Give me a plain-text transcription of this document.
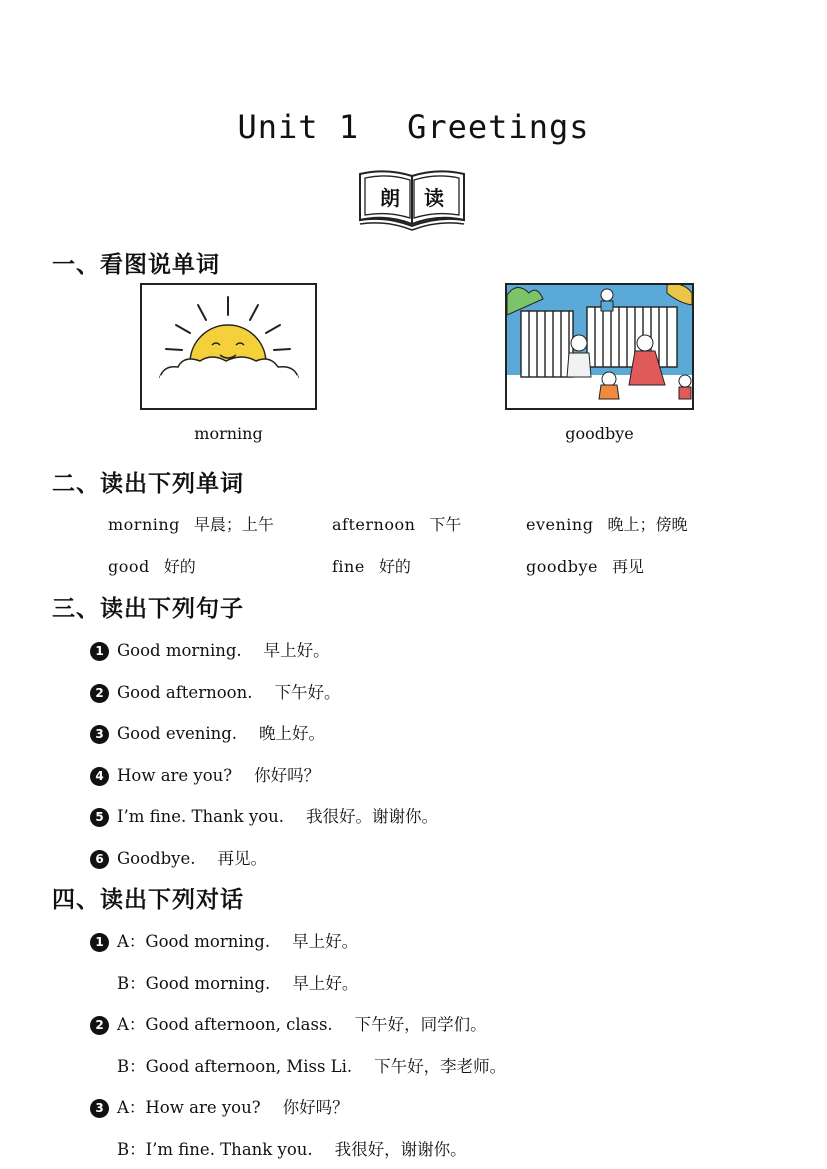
Unit 1 Greetings
朗 读
一、看图说单词
morning	goodbye
二、读出下列单词
morning 早晨；上午	afternoon 下午	evening 晚上；傍晚
good 好的	fine 好的	goodbye 再见
三、读出下列句子
1 Good morning. 早上好。
2 Good afternoon. 下午好。
3 Good evening. 晚上好。
4 How are you? 你好吗？
5 I’m fine. Thank you. 我很好。谢谢你。
6 Goodbye. 再见。
四、读出下列对话
1 A：Good morning. 早上好。
B：Good morning. 早上好。
2 A：Good afternoon, class. 下午好，同学们。
B：Good afternoon, Miss Li. 下午好，李老师。
3 A：How are you? 你好吗？
B：I’m fine. Thank you. 我很好，谢谢你。
